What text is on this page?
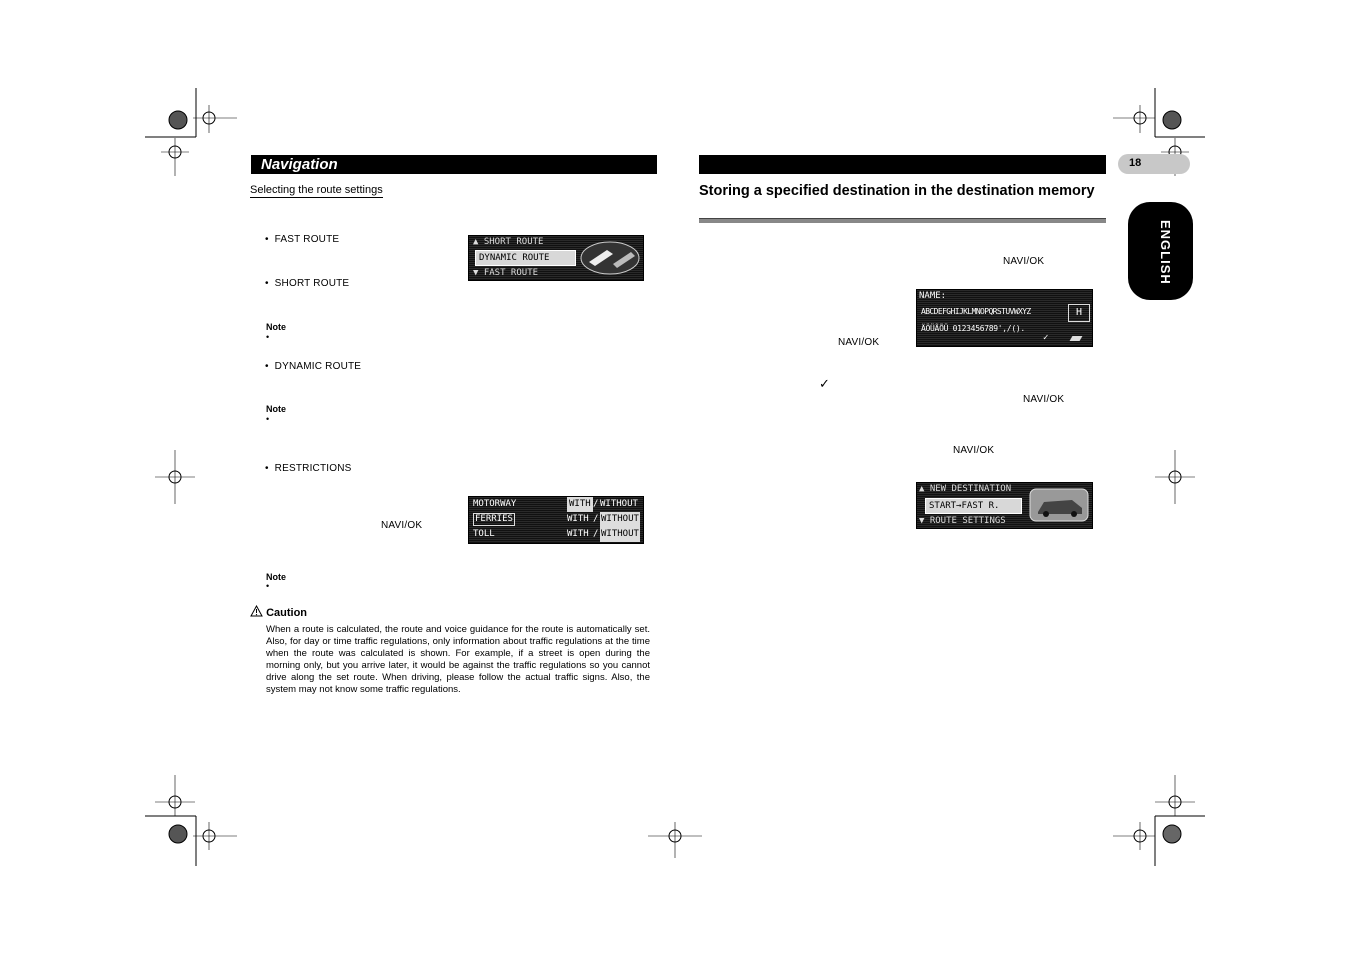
Navigation	18
ENGLISH
Selecting the route settings
• FAST ROUTE
• SHORT ROUTE
Note
•
• DYNAMIC ROUTE
Note
•
• RESTRICTIONS
NAVI/OK
Note
•
▲ SHORT ROUTE
DYNAMIC ROUTE
▼ FAST ROUTE
MOTORWAY	WITH / WITHOUT
FERRIES	WITH / WITHOUT
TOLL	WITH / WITHOUT
Caution
When a route is calculated, the route and voice guidance for the route is automatically set. Also, for day or time traffic regulations, only information about traffic regulations at the time when the route was calculated is shown. For example, if a street is open during the morning only, but you arrive later, it would be against the traffic regulations so you cannot drive along the set route. When driving, please follow the actual traffic signs. Also, the system may not know some traffic regulations.
Storing a specified destination in the destination memory
NAVI/OK
NAVI/OK
✓
NAVI/OK
NAVI/OK
NAME:
ABCDEFGHIJKLMNOPQRSTUVWXYZ
ÄÖÜÃÕÜ 0123456789',/().
H
✓
▲ NEW DESTINATION
START→FAST R.
▼ ROUTE SETTINGS
